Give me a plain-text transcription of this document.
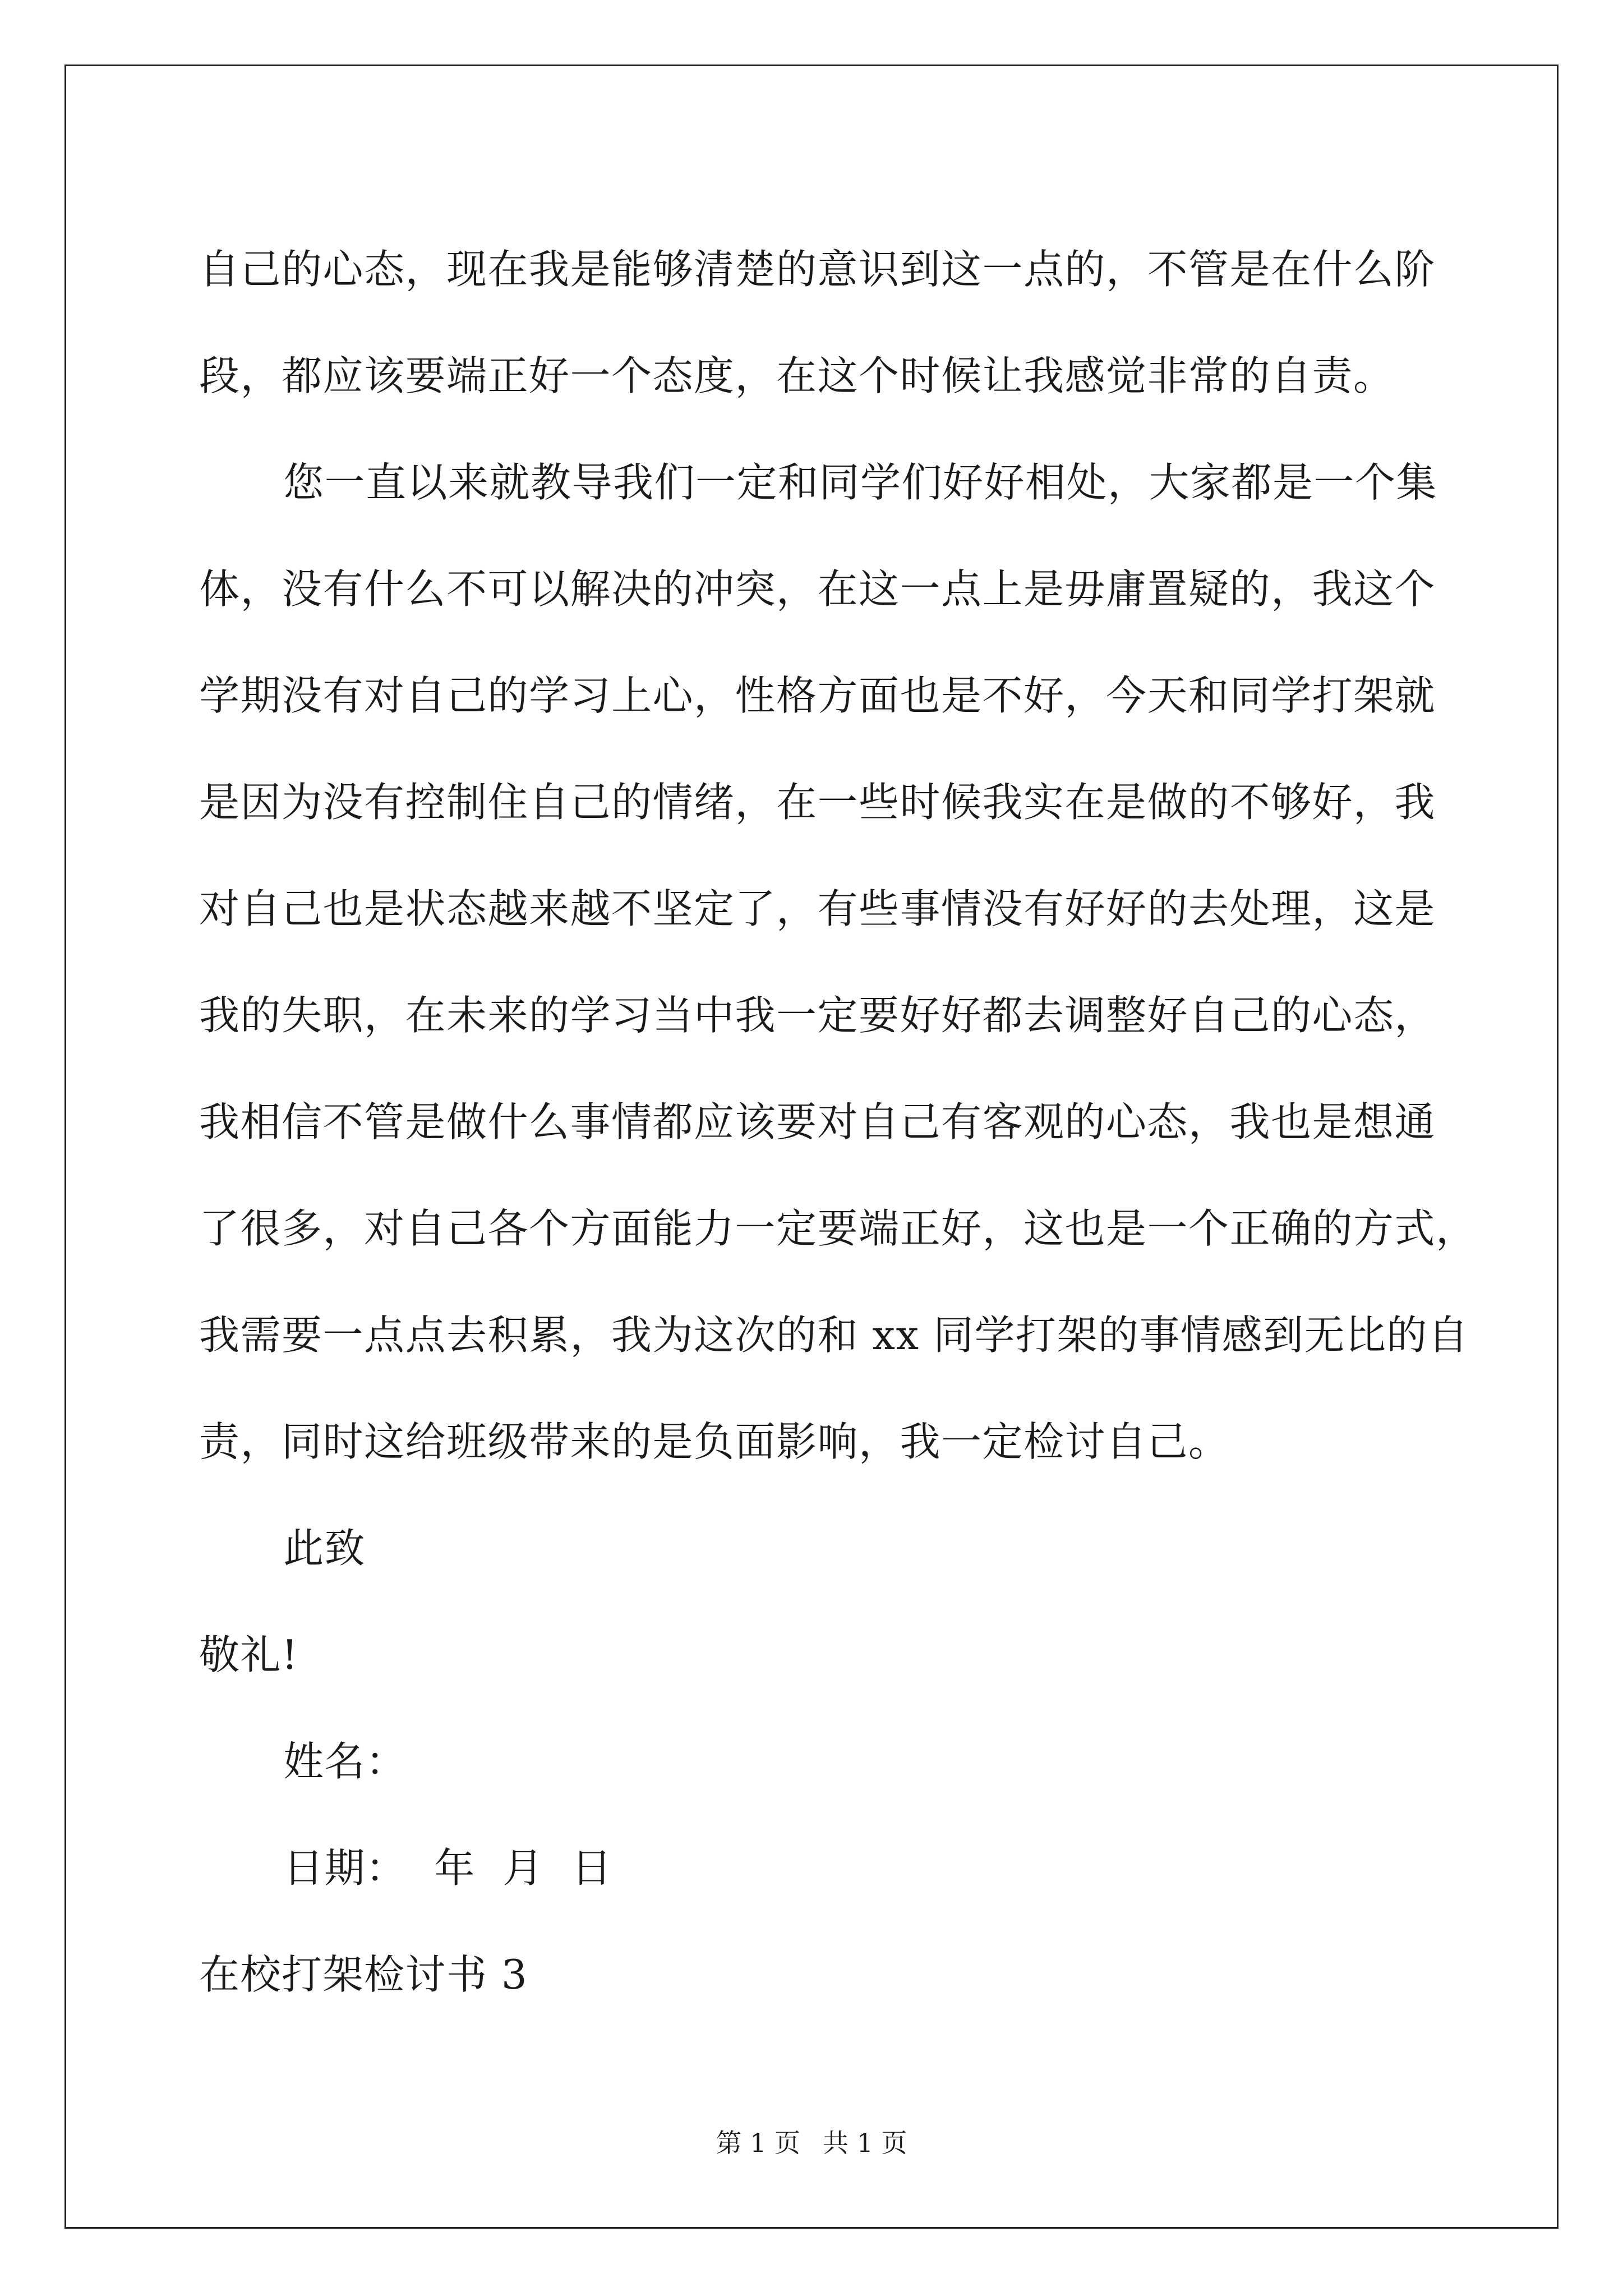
自己的心态，现在我是能够清楚的意识到这一点的，不管是在什么阶
段，都应该要端正好一个态度，在这个时候让我感觉非常的自责。
您一直以来就教导我们一定和同学们好好相处，大家都是一个集
体，没有什么不可以解决的冲突，在这一点上是毋庸置疑的，我这个
学期没有对自己的学习上心，性格方面也是不好，今天和同学打架就
是因为没有控制住自己的情绪，在一些时候我实在是做的不够好，我
对自己也是状态越来越不坚定了，有些事情没有好好的去处理，这是
我的失职，在未来的学习当中我一定要好好都去调整好自己的心态，
我相信不管是做什么事情都应该要对自己有客观的心态，我也是想通
了很多，对自己各个方面能力一定要端正好，这也是一个正确的方式，
我需要一点点去积累，我为这次的和 xx 同学打架的事情感到无比的自
责，同时这给班级带来的是负面影响，我一定检讨自己。
此致
敬礼!
姓名：
日期：  年  月  日
在校打架检讨书 3
第 1 页 共 1 页
